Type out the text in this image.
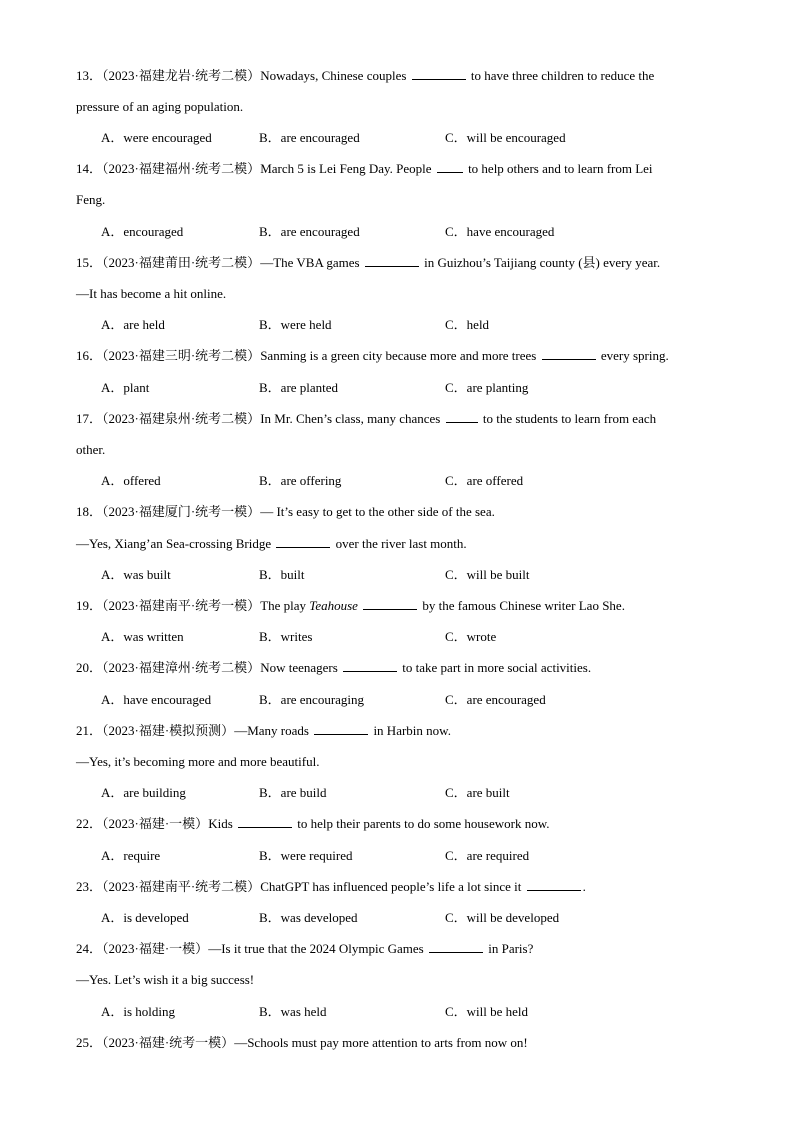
13．（2023·福建龙岩·统考二模）Nowadays, Chinese couples	to have three children to reduce the
pressure of an aging population.
A．were encouraged	B．are encouraged	C．will be encouraged
14．（2023·福建福州·统考二模）March 5 is Lei Feng Day. People	to help others and to learn from Lei
Feng.
A．encouraged	B．are encouraged	C．have encouraged
15．（2023·福建莆田·统考二模）—The VBA games	in Guizhou’s Taijiang county (县) every year.
—It has become a hit online.
A．are held	B．were held	C．held
16．（2023·福建三明·统考二模）Sanming is a green city because more and more trees	every spring.
A．plant	B．are planted	C．are planting
17．（2023·福建泉州·统考二模）In Mr. Chen’s class, many chances	to the students to learn from each
other.
A．offered	B．are offering	C．are offered
18．（2023·福建厦门·统考一模）— It’s easy to get to the other side of the sea.
—Yes, Xiang’an Sea-crossing Bridge	over the river last month.
A．was built	B．built	C．will be built
19．（2023·福建南平·统考一模）The play Teahouse	by the famous Chinese writer Lao She.
A．was written	B．writes	C．wrote
20．（2023·福建漳州·统考二模）Now teenagers	to take part in more social activities.
A．have encouraged	B．are encouraging	C．are encouraged
21．（2023·福建·模拟预测）—Many roads	in Harbin now.
—Yes, it’s becoming more and more beautiful.
A．are building	B．are build	C．are built
22．（2023·福建·一模）Kids	to help their parents to do some housework now.
A．require	B．were required	C．are required
23．（2023·福建南平·统考二模）ChatGPT has influenced people’s life a lot since it	.
A．is developed	B．was developed	C．will be developed
24．（2023·福建·一模）—Is it true that the 2024 Olympic Games	in Paris?
—Yes. Let’s wish it a big success!
A．is holding	B．was held	C．will be held
25．（2023·福建·统考一模）—Schools must pay more attention to arts from now on!
